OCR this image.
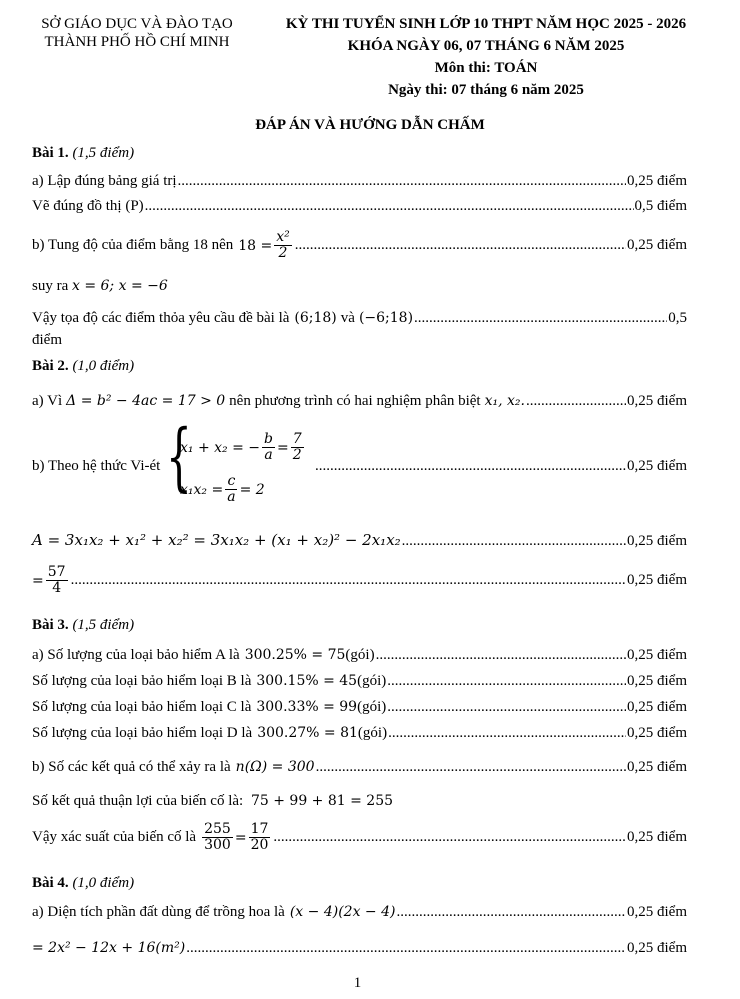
SỞ GIÁO DỤC VÀ ĐÀO TẠO
THÀNH PHỐ HỒ CHÍ MINH
KỲ THI TUYỂN SINH LỚP 10 THPT NĂM HỌC 2025 - 2026
KHÓA NGÀY 06, 07 THÁNG 6 NĂM 2025
Môn thi: TOÁN
Ngày thi: 07 tháng 6 năm 2025
ĐÁP ÁN VÀ HƯỚNG DẪN CHẤM
Bài 1. (1,5 điểm)
a) Lập đúng bảng giá trị .....	0,25 điểm
Vẽ đúng đồ thị (P) .....	0,5 điểm
b) Tung độ của điểm bằng 18 nên $18 = \frac{\text{x²}}{2}$ .....	0,25 điểm
suy ra x = 6; x = −6
Vậy tọa độ các điểm thỏa yêu cầu đề bài là (6;18) và (−6;18) .....	0,5
điểm
Bài 2. (1,0 điểm)
a) Vì Δ = b² − 4ac = 17 > 0 nên phương trình có hai nghiệm phân biệt x₁, x₂. .....	0,25 điểm
b) Theo hệ thức Vi-ét {
x₁ + x₂ = − $\frac{b}{a} = \frac{7}{2}$
$x_1x_2 = \frac{c}{a} = 2$
.....
0,25 điểm
A = 3x₁x₂ + x₁² + x₂² = 3x₁x₂ + (x₁ + x₂)² − 2x₁x₂ .....	0,25 điểm
= $\frac{57}{4}$ .....	0,25 điểm
Bài 3. (1,5 điểm)
a) Số lượng của loại bảo hiểm A là 300.25% = 75 (gói) .....	0,25 điểm
Số lượng của loại bảo hiểm loại B là 300.15% = 45 (gói) .....	0,25 điểm
Số lượng của loại bảo hiểm loại C là 300.33% = 99 (gói) .....	0,25 điểm
Số lượng của loại bảo hiểm loại D là 300.27% = 81 (gói) .....	0,25 điểm
b) Số các kết quả có thể xảy ra là n(Ω) = 300 .....	0,25 điểm
Số kết quả thuận lợi của biến cố là: 75 + 99 + 81 = 255
Vậy xác suất của biến cố là $\frac{255}{300} = \frac{17}{20}$ .....	0,25 điểm
Bài 4. (1,0 điểm)
a) Diện tích phần đất dùng để trồng hoa là (x − 4)(2x − 4) .....	0,25 điểm
= 2x² − 12x + 16(m²) .....	0,25 điểm
1
